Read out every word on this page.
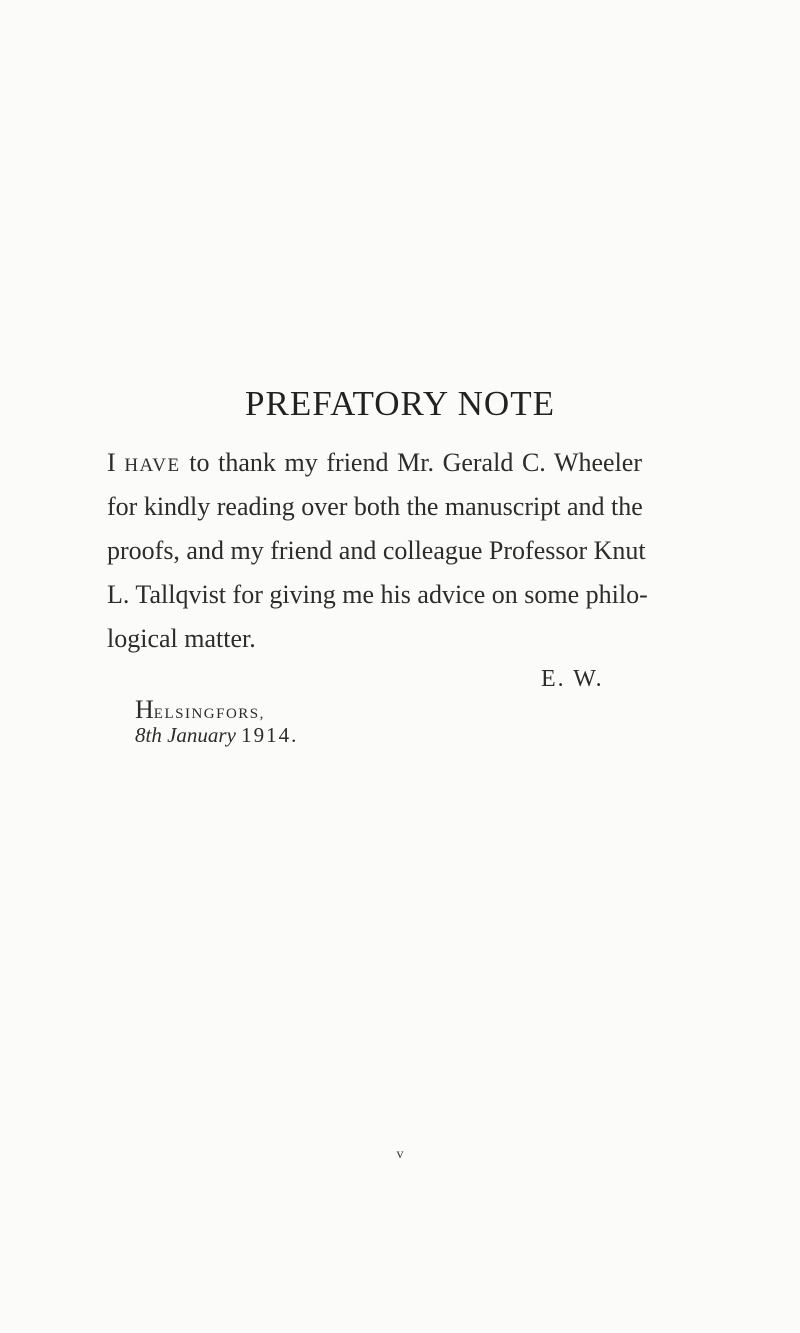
PREFATORY NOTE
I HAVE to thank my friend Mr. Gerald C. Wheeler
for kindly reading over both the manuscript and the
proofs, and my friend and colleague Professor Knut
L. Tallqvist for giving me his advice on some philo-
logical matter.
E. W.
HELSINGFORS,
8th January 1914.
v
